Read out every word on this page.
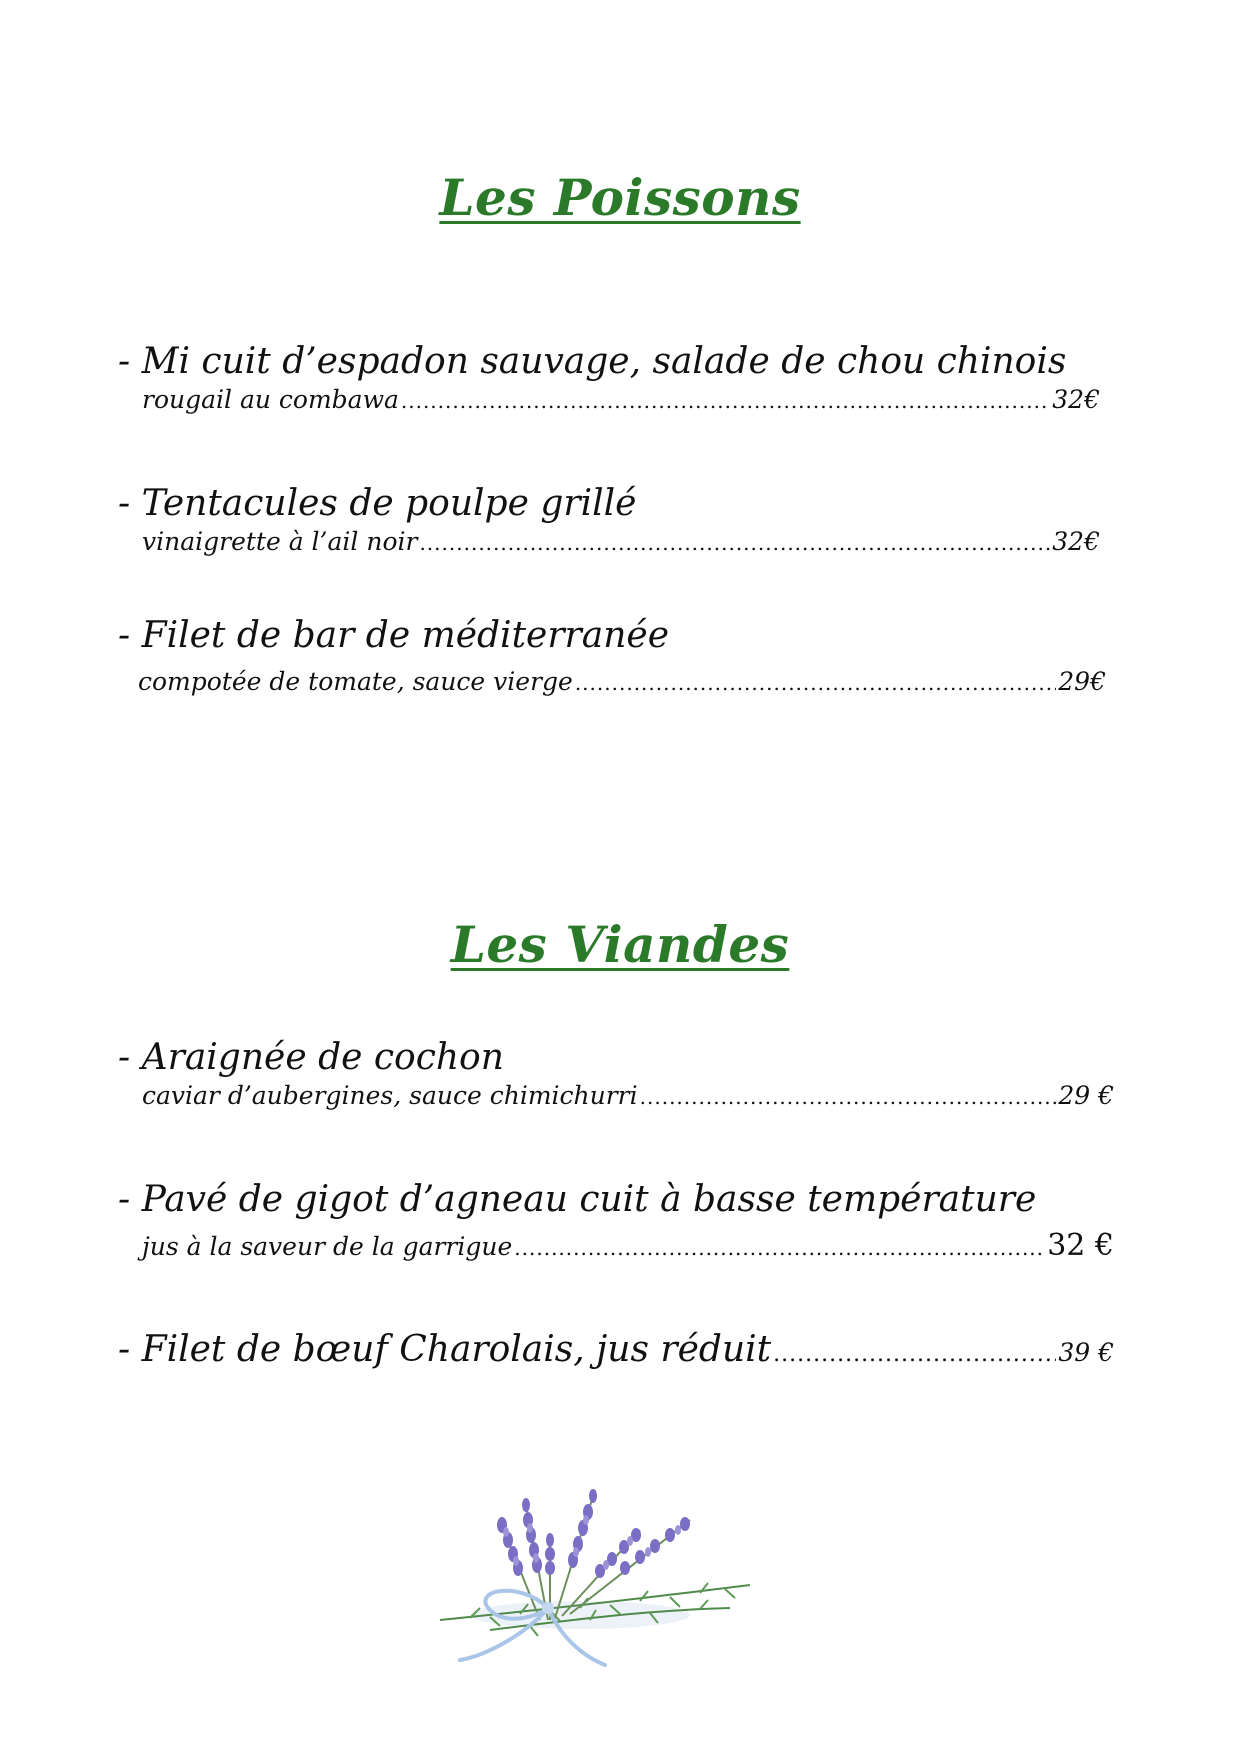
Les Poissons
- Mi cuit d’espadon sauvage, salade de chou chinois
rougail au combawa .....	32€
- Tentacules de poulpe grillé
vinaigrette à l’ail noir .....	32€
- Filet de bar de méditerranée
compotée de tomate, sauce vierge .....	29€
Les Viandes
- Araignée de cochon
caviar d’aubergines, sauce chimichurri .....	29 €
- Pavé de gigot d’agneau cuit à basse température
jus à la saveur de la garrigue .....	32 €
- Filet de bœuf Charolais, jus réduit .....	39 €
